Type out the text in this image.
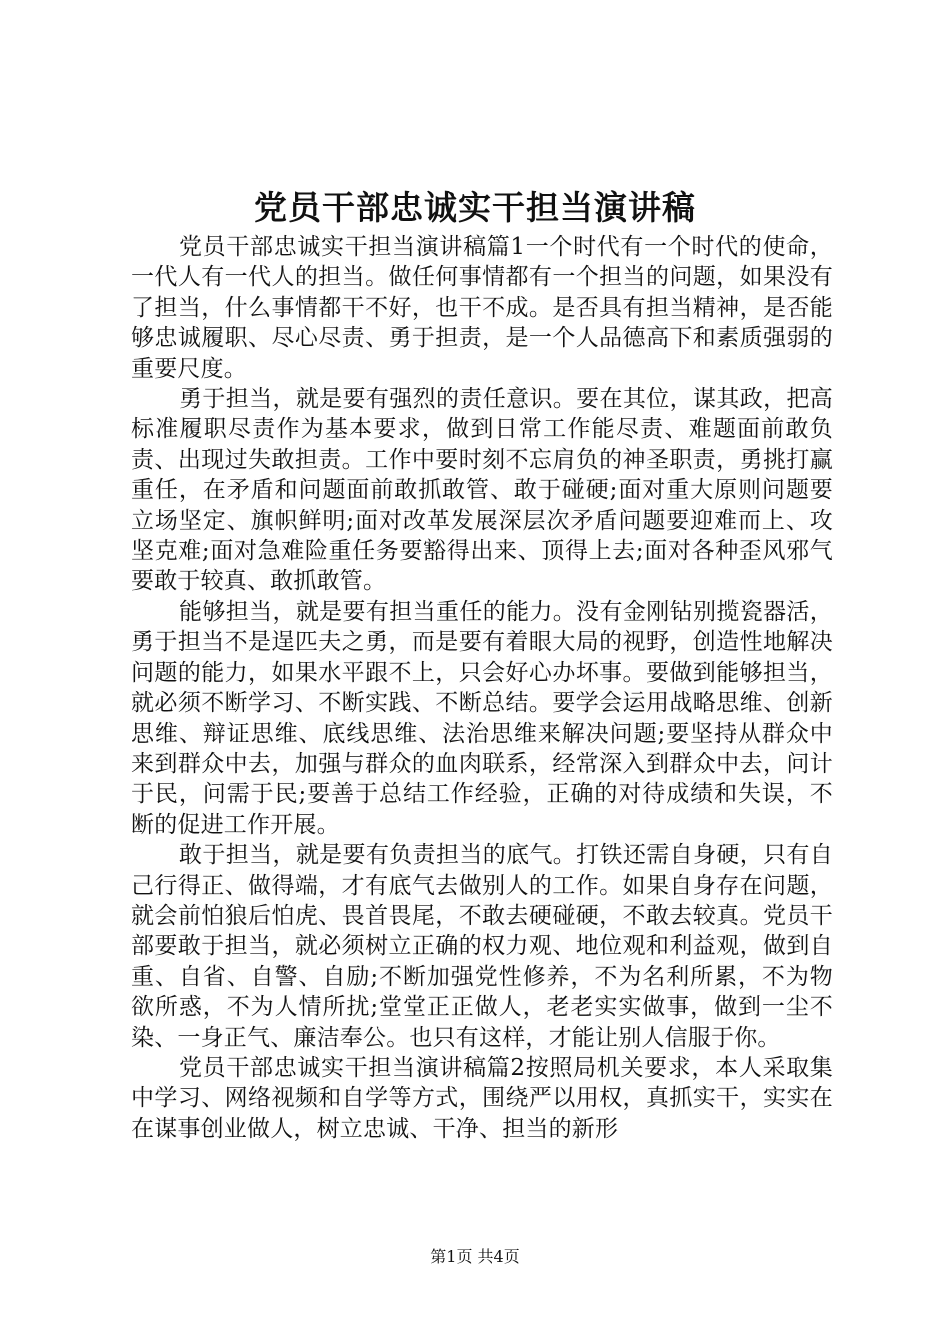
党员干部忠诚实干担当演讲稿

党员干部忠诚实干担当演讲稿篇1一个时代有一个时代的使命，一代人有一代人的担当。做任何事情都有一个担当的问题，如果没有了担当，什么事情都干不好，也干不成。是否具有担当精神，是否能够忠诚履职、尽心尽责、勇于担责，是一个人品德高下和素质强弱的重要尺度。

勇于担当，就是要有强烈的责任意识。要在其位，谋其政，把高标准履职尽责作为基本要求，做到日常工作能尽责、难题面前敢负责、出现过失敢担责。工作中要时刻不忘肩负的神圣职责，勇挑打赢重任，在矛盾和问题面前敢抓敢管、敢于碰硬;面对重大原则问题要立场坚定、旗帜鲜明;面对改革发展深层次矛盾问题要迎难而上、攻坚克难;面对急难险重任务要豁得出来、顶得上去;面对各种歪风邪气要敢于较真、敢抓敢管。

能够担当，就是要有担当重任的能力。没有金刚钻别揽瓷器活，勇于担当不是逞匹夫之勇，而是要有着眼大局的视野，创造性地解决问题的能力，如果水平跟不上，只会好心办坏事。要做到能够担当，就必须不断学习、不断实践、不断总结。要学会运用战略思维、创新思维、辩证思维、底线思维、法治思维来解决问题;要坚持从群众中来到群众中去，加强与群众的血肉联系，经常深入到群众中去，问计于民，问需于民;要善于总结工作经验，正确的对待成绩和失误，不断的促进工作开展。

敢于担当，就是要有负责担当的底气。打铁还需自身硬，只有自己行得正、做得端，才有底气去做别人的工作。如果自身存在问题，就会前怕狼后怕虎、畏首畏尾，不敢去硬碰硬，不敢去较真。党员干部要敢于担当，就必须树立正确的权力观、地位观和利益观，做到自重、自省、自警、自励;不断加强党性修养，不为名利所累，不为物欲所惑，不为人情所扰;堂堂正正做人，老老实实做事，做到一尘不染、一身正气、廉洁奉公。也只有这样，才能让别人信服于你。

党员干部忠诚实干担当演讲稿篇2按照局机关要求，本人采取集中学习、网络视频和自学等方式，围绕严以用权，真抓实干，实实在在谋事创业做人，树立忠诚、干净、担当的新形

第1页 共4页
